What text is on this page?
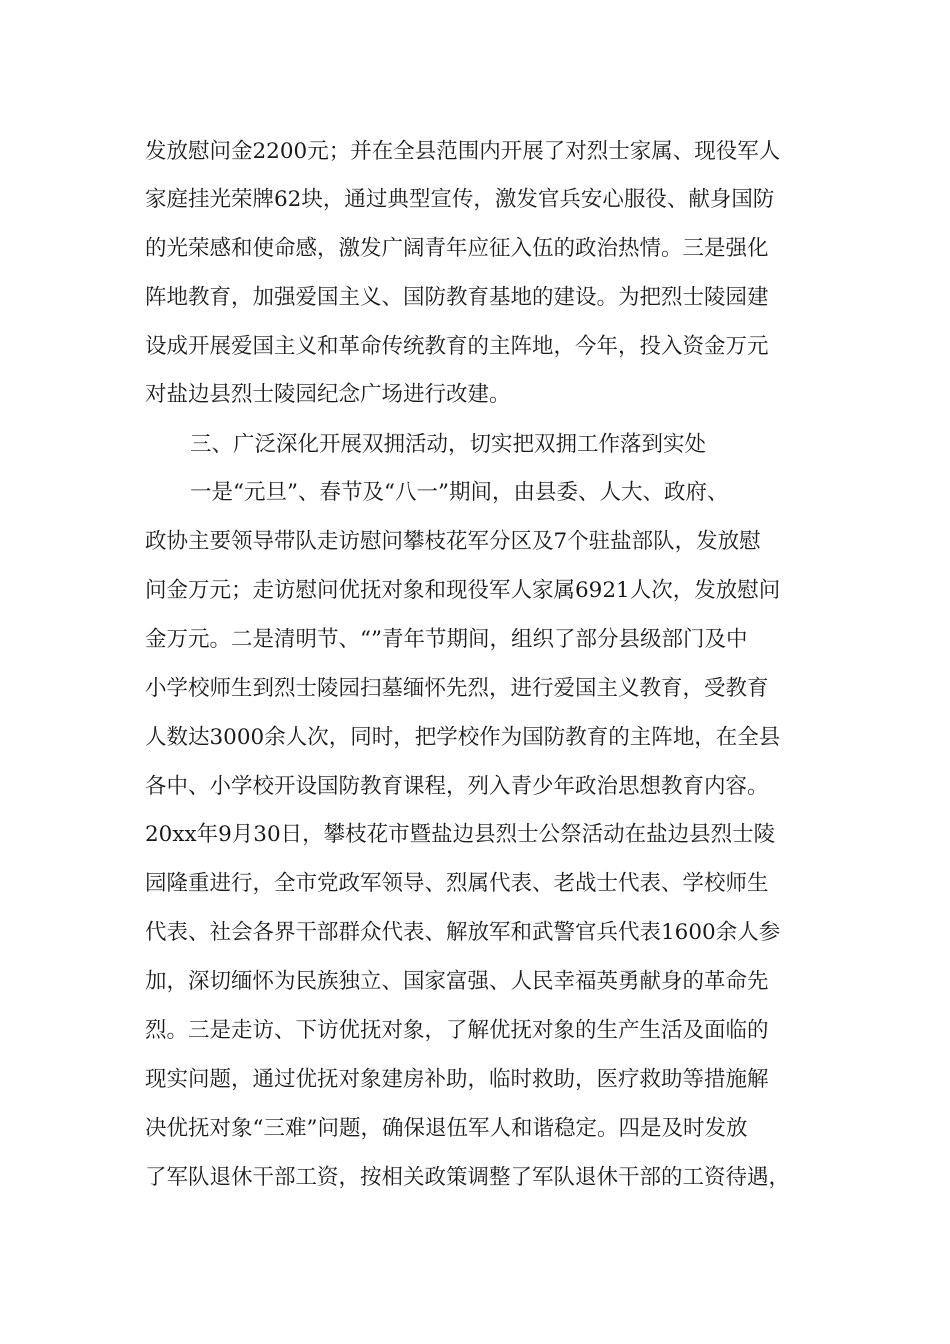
发放慰问金2200元；并在全县范围内开展了对烈士家属、现役军人
家庭挂光荣牌62块，通过典型宣传，激发官兵安心服役、献身国防
的光荣感和使命感，激发广阔青年应征入伍的政治热情。三是强化
阵地教育，加强爱国主义、国防教育基地的建设。为把烈士陵园建
设成开展爱国主义和革命传统教育的主阵地，今年，投入资金万元
对盐边县烈士陵园纪念广场进行改建。
三、广泛深化开展双拥活动，切实把双拥工作落到实处
一是“元旦”、春节及“八一”期间，由县委、人大、政府、
政协主要领导带队走访慰问攀枝花军分区及7个驻盐部队，发放慰
问金万元；走访慰问优抚对象和现役军人家属6921人次，发放慰问
金万元。二是清明节、“”青年节期间，组织了部分县级部门及中
小学校师生到烈士陵园扫墓缅怀先烈，进行爱国主义教育，受教育
人数达3000余人次，同时，把学校作为国防教育的主阵地，在全县
各中、小学校开设国防教育课程，列入青少年政治思想教育内容。
20xx年9月30日，攀枝花市暨盐边县烈士公祭活动在盐边县烈士陵
园隆重进行，全市党政军领导、烈属代表、老战士代表、学校师生
代表、社会各界干部群众代表、解放军和武警官兵代表1600余人参
加，深切缅怀为民族独立、国家富强、人民幸福英勇献身的革命先
烈。三是走访、下访优抚对象，了解优抚对象的生产生活及面临的
现实问题，通过优抚对象建房补助，临时救助，医疗救助等措施解
决优抚对象“三难”问题，确保退伍军人和谐稳定。四是及时发放
了军队退休干部工资，按相关政策调整了军队退休干部的工资待遇，
